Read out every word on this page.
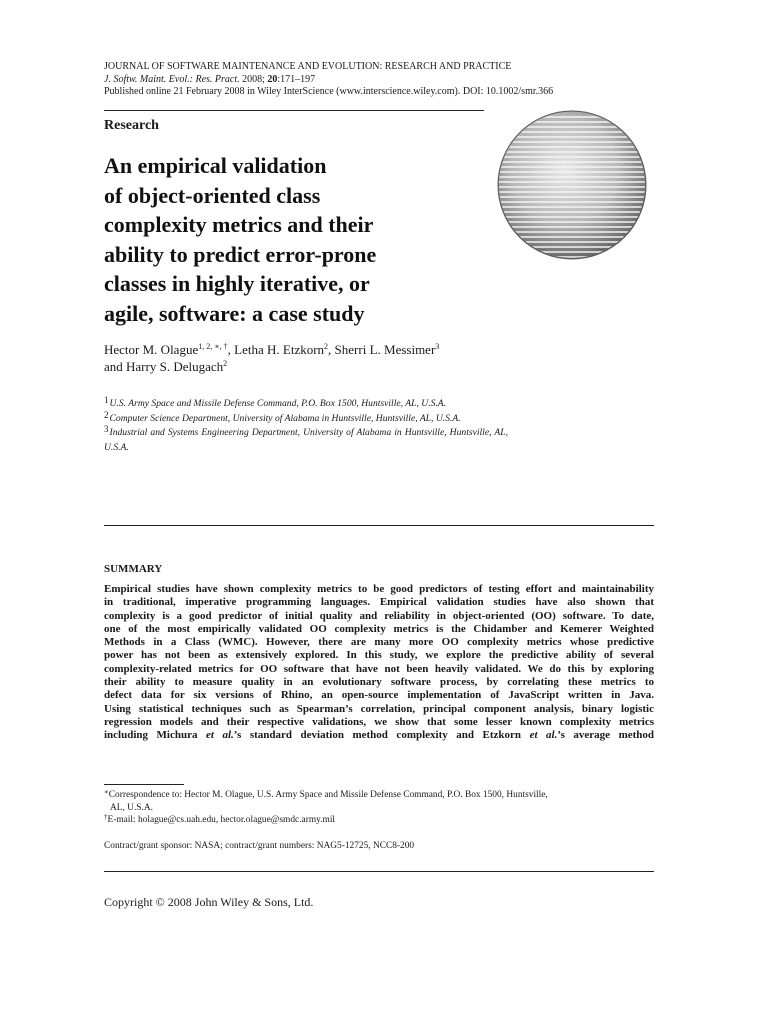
JOURNAL OF SOFTWARE MAINTENANCE AND EVOLUTION: RESEARCH AND PRACTICE
J. Softw. Maint. Evol.: Res. Pract. 2008; 20:171–197
Published online 21 February 2008 in Wiley InterScience (www.interscience.wiley.com). DOI: 10.1002/smr.366
Research
An empirical validation
of object-oriented class
complexity metrics and their
ability to predict error-prone
classes in highly iterative, or
agile, software: a case study
Hector M. Olague$^{1, 2, ∗, \dagger}$, Letha H. Etzkorn$^2$, Sherri L. Messimer$^3$
and Harry S. Delugach$^2$

$^1$U.S. Army Space and Missile Defense Command, P.O. Box 1500, Huntsville, AL, U.S.A.

$^2$Computer Science Department, University of Alabama in Huntsville, Huntsville, AL, U.S.A.

$^3$Industrial and Systems Engineering Department, University of Alabama in Huntsville, Huntsville, AL, U.S.A.

SUMMARY
Empirical studies have shown complexity metrics to be good predictors of testing effort and maintainability
in traditional, imperative programming languages. Empirical validation studies have also shown that
complexity is a good predictor of initial quality and reliability in object-oriented (OO) software. To date,
one of the most empirically validated OO complexity metrics is the Chidamber and Kemerer Weighted
Methods in a Class (WMC). However, there are many more OO complexity metrics whose predictive
power has not been as extensively explored. In this study, we explore the predictive ability of several
complexity-related metrics for OO software that have not been heavily validated. We do this by exploring
their ability to measure quality in an evolutionary software process, by correlating these metrics to
defect data for six versions of Rhino, an open-source implementation of JavaScript written in Java.
Using statistical techniques such as Spearman’s correlation, principal component analysis, binary logistic
regression models and their respective validations, we show that some lesser known complexity metrics
including Michura et al.’s standard deviation method complexity and Etzkorn et al.’s average method

∗Correspondence to: Hector M. Olague, U.S. Army Space and Missile Defense Command, P.O. Box 1500, Huntsville,

AL, U.S.A.

†E-mail: holague@cs.uah.edu, hector.olague@smdc.army.mil

Contract/grant sponsor: NASA; contract/grant numbers: NAG5-12725, NCC8-200
Copyright © 2008 John Wiley & Sons, Ltd.
